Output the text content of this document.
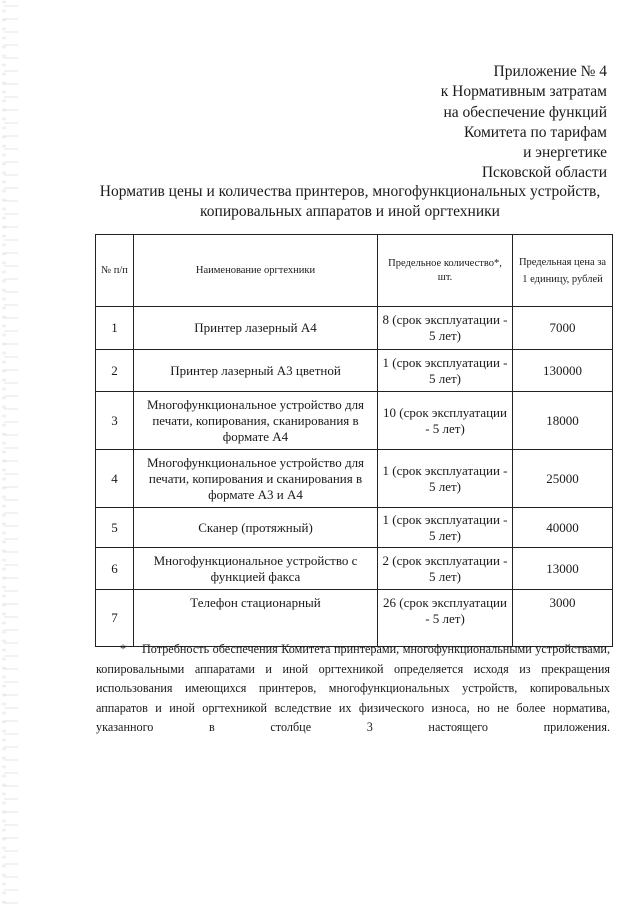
Приложение № 4
к Нормативным затратам
на обеспечение функций
Комитета по тарифам
и энергетике
Псковской области
Норматив цены и количества принтеров, многофункциональных устройств,
копировальных аппаратов и иной оргтехники
№ п/п	Наименование оргтехники	Предельное количество*, шт.	Предельная цена за 1 единицу, рублей
1	Принтер лазерный А4	8 (срок эксплуатации - 5 лет)	7000
2	Принтер лазерный А3 цветной	1 (срок эксплуатации - 5 лет)	130000
3	Многофункциональное устройство для печати, копирования, сканирования в формате А4	10 (срок эксплуатации - 5 лет)	18000
4	Многофункциональное устройство для печати, копирования и сканирования в формате А3 и А4	1 (срок эксплуатации - 5 лет)	25000
5	Сканер (протяжный)	1 (срок эксплуатации - 5 лет)	40000
6	Многофункциональное устройство с функцией факса	2 (срок эксплуатации - 5 лет)	13000
7	Телефон стационарный	26 (срок эксплуатации - 5 лет)	3000
* Потребность обеспечения Комитета принтерами, многофункциональными устройствами, копировальными аппаратами и иной оргтехникой определяется исходя из прекращения использования имеющихся принтеров, многофункциональных устройств, копировальных аппаратов и иной оргтехникой вследствие их физического износа, но не более норматива, указанного в столбце 3 настоящего приложения.
